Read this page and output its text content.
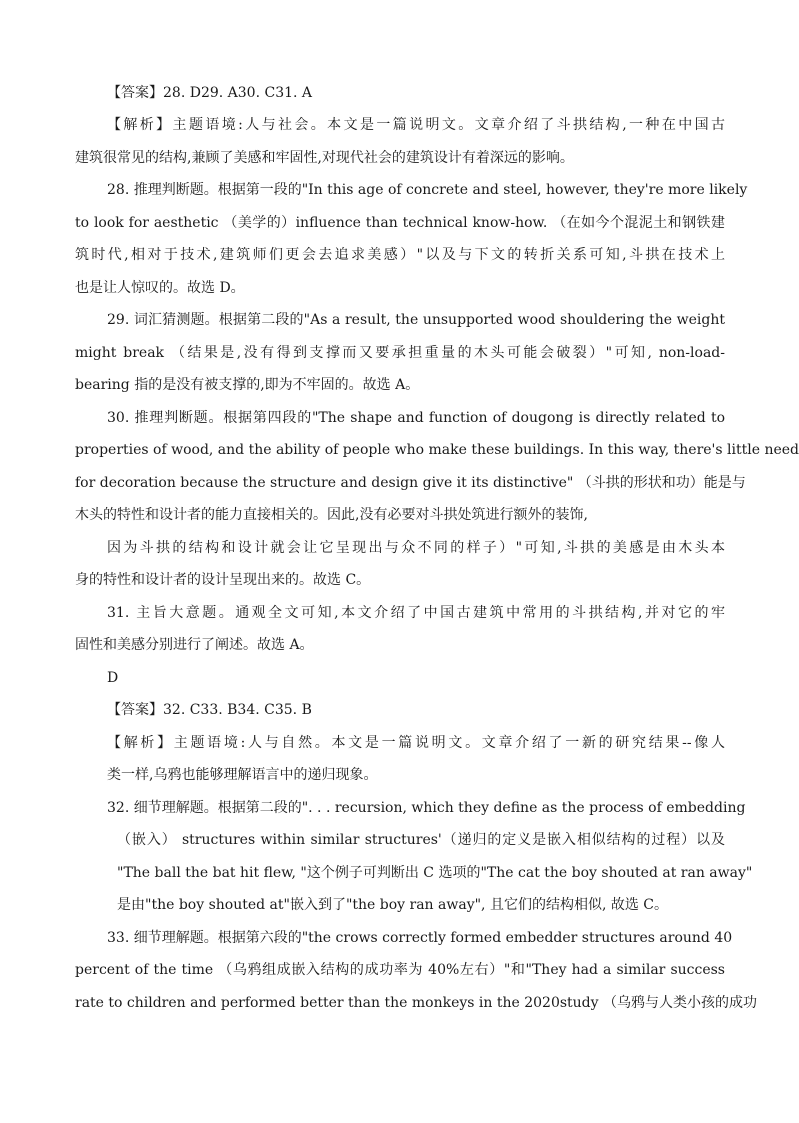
【答案】28. D29. A30. C31. A
【解析】主题语境:人与社会。本文是一篇说明文。文章介绍了斗拱结构,一种在中国古
建筑很常见的结构,兼顾了美感和牢固性,对现代社会的建筑设计有着深远的影响。
28. 推理判断题。根据第一段的"In this age of concrete and steel, however, they're more likely
to look for aesthetic （美学的）influence than technical know-how. （在如今个混泥土和钢铁建
筑时代,相对于技术,建筑师们更会去追求美感）"以及与下文的转折关系可知,斗拱在技术上
也是让人惊叹的。故选 D。
29. 词汇猜测题。根据第二段的"As a result, the unsupported wood shouldering the weight
might break （结果是,没有得到支撑而又要承担重量的木头可能会破裂）"可知, non-load-
bearing 指的是没有被支撑的,即为不牢固的。故选 A。
30. 推理判断题。根据第四段的"The shape and function of dougong is directly related to
properties of wood, and the ability of people who make these buildings. In this way, there's little need
for decoration because the structure and design give it its distinctive" （斗拱的形状和功）能是与
木头的特性和设计者的能力直接相关的。因此,没有必要对斗拱处筑进行额外的装饰,
因为斗拱的结构和设计就会让它呈现出与众不同的样子）"可知,斗拱的美感是由木头本
身的特性和设计者的设计呈现出来的。故选 C。
31. 主旨大意题。通观全文可知,本文介绍了中国古建筑中常用的斗拱结构,并对它的牢
固性和美感分别进行了阐述。故选 A。
D
【答案】32. C33. B34. C35. B
【解析】主题语境:人与自然。本文是一篇说明文。文章介绍了一新的研究结果--像人
类一样,乌鸦也能够理解语言中的递归现象。
32. 细节理解题。根据第二段的". . . recursion, which they define as the process of embedding
（嵌入） structures within similar structures'（递归的定义是嵌入相似结构的过程）以及
"The ball the bat hit flew, "这个例子可判断出 C 选项的"The cat the boy shouted at ran away"
是由"the boy shouted at"嵌入到了"the boy ran away", 且它们的结构相似, 故选 C。
33. 细节理解题。根据第六段的"the crows correctly formed embedder structures around 40
percent of the time （乌鸦组成嵌入结构的成功率为 40%左右）"和"They had a similar success
rate to children and performed better than the monkeys in the 2020study （乌鸦与人类小孩的成功
